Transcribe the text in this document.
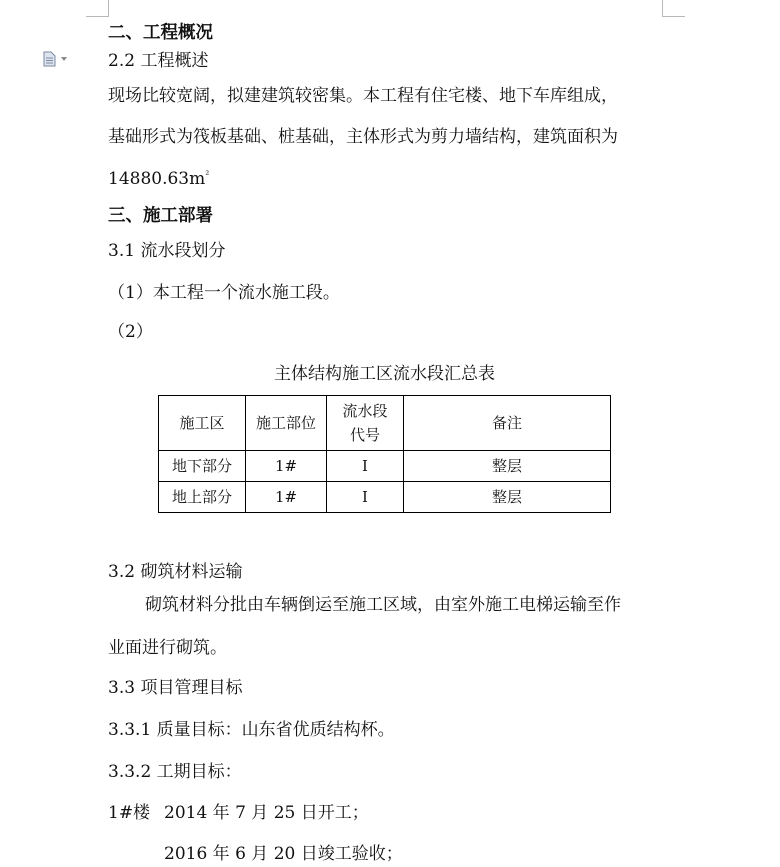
二、工程概况
2.2 工程概述
现场比较宽阔，拟建建筑较密集。本工程有住宅楼、地下车库组成，
基础形式为筏板基础、桩基础，主体形式为剪力墙结构，建筑面积为
$14880.63m^{^2}$
三、施工部署
3.1 流水段划分
（1）本工程一个流水施工段。
（2）
主体结构施工区流水段汇总表
施工区	施工部位	流水段代号	备注
地下部分	1#	Ⅰ	整层
地上部分	1#	Ⅰ	整层
3.2 砌筑材料运输
砌筑材料分批由车辆倒运至施工区域，由室外施工电梯运输至作
业面进行砌筑。
3.3 项目管理目标
3.3.1 质量目标：山东省优质结构杯。
3.3.2 工期目标：
1#楼 2014 年 7 月 25 日开工；
2016 年 6 月 20 日竣工验收；
